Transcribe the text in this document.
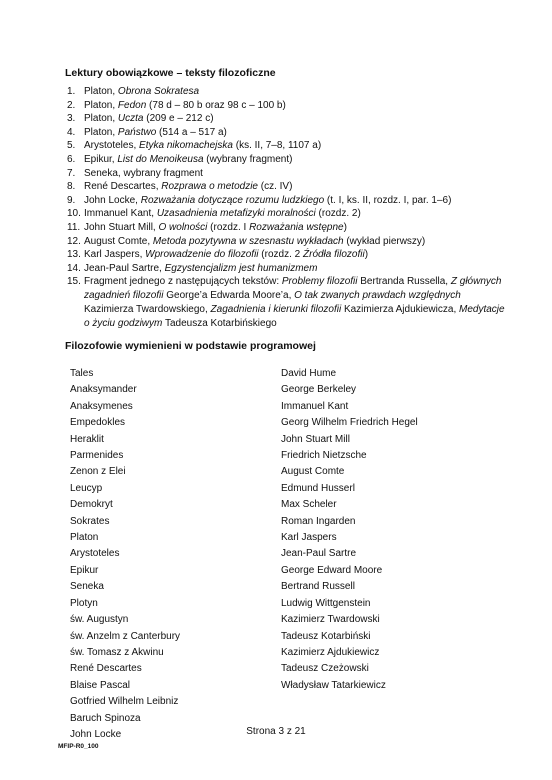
Lektury obowiązkowe – teksty filozoficzne
1. Platon, Obrona Sokratesa
2. Platon, Fedon (78 d – 80 b oraz 98 c – 100 b)
3. Platon, Uczta (209 e – 212 c)
4. Platon, Państwo (514 a – 517 a)
5. Arystoteles, Etyka nikomachejska (ks. II, 7–8, 1107 a)
6. Epikur, List do Menoikeusa (wybrany fragment)
7. Seneka, wybrany fragment
8. René Descartes, Rozprawa o metodzie (cz. IV)
9. John Locke, Rozważania dotyczące rozumu ludzkiego (t. I, ks. II, rozdz. I, par. 1–6)
10. Immanuel Kant, Uzasadnienia metafizyki moralności (rozdz. 2)
11. John Stuart Mill, O wolności (rozdz. I Rozważania wstępne)
12. August Comte, Metoda pozytywna w szesnastu wykładach (wykład pierwszy)
13. Karl Jaspers, Wprowadzenie do filozofii (rozdz. 2 Źródła filozofii)
14. Jean-Paul Sartre, Egzystencjalizm jest humanizmem
15. Fragment jednego z następujących tekstów: Problemy filozofii Bertranda Russella, Z głównych zagadnień filozofii George’a Edwarda Moore’a, O tak zwanych prawdach względnych Kazimierza Twardowskiego, Zagadnienia i kierunki filozofii Kazimierza Ajdukiewicza, Medytacje o życiu godziwym Tadeusza Kotarbińskiego
Filozofowie wymienieni w podstawie programowej
Tales
Anaksymander
Anaksymenes
Empedokles
Heraklit
Parmenides
Zenon z Elei
Leucyp
Demokryt
Sokrates
Platon
Arystoteles
Epikur
Seneka
Plotyn
św. Augustyn
św. Anzelm z Canterbury
św. Tomasz z Akwinu
René Descartes
Blaise Pascal
Gotfried Wilhelm Leibniz
Baruch Spinoza
John Locke
David Hume
George Berkeley
Immanuel Kant
Georg Wilhelm Friedrich Hegel
John Stuart Mill
Friedrich Nietzsche
August Comte
Edmund Husserl
Max Scheler
Roman Ingarden
Karl Jaspers
Jean-Paul Sartre
George Edward Moore
Bertrand Russell
Ludwig Wittgenstein
Kazimierz Twardowski
Tadeusz Kotarbiński
Kazimierz Ajdukiewicz
Tadeusz Czeżowski
Władysław Tatarkiewicz
Strona 3 z 21
MFIP-R0_100
